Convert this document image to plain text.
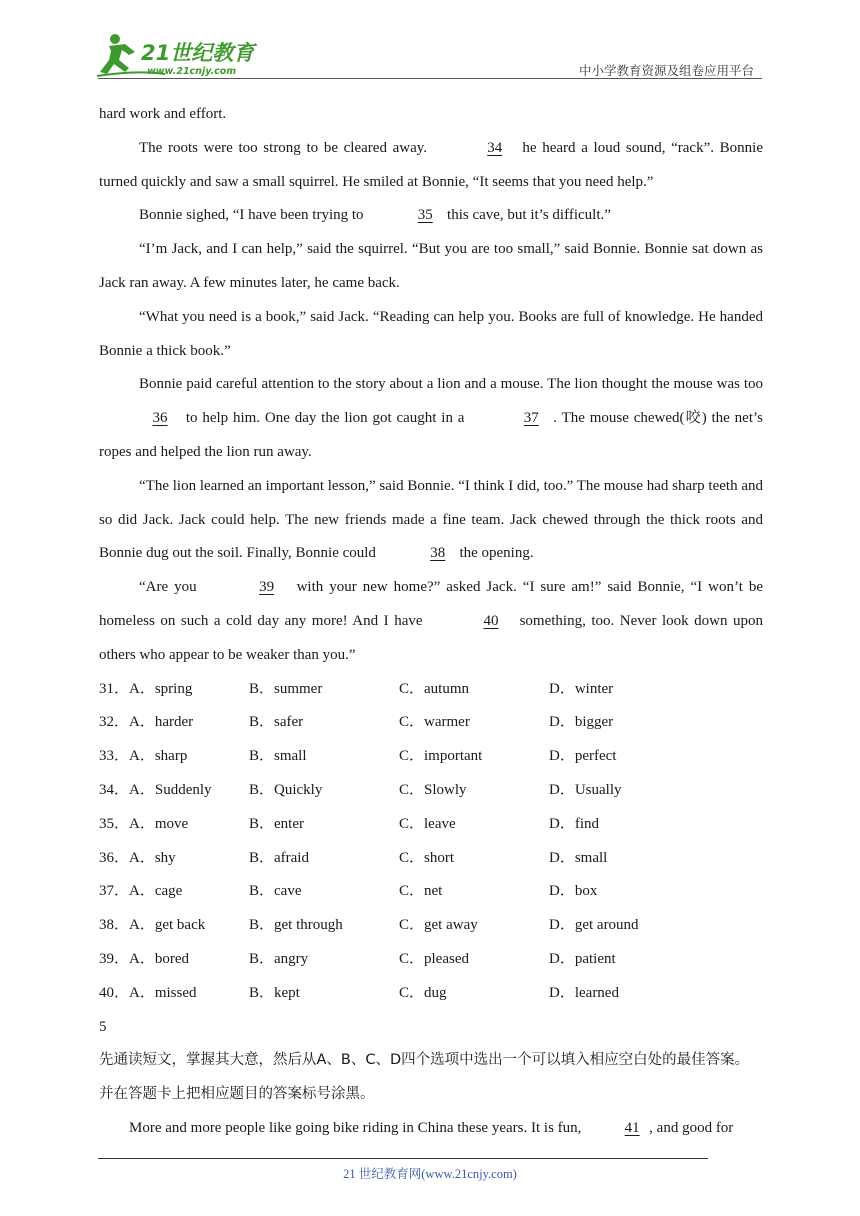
21世纪教育
www.21cnjy.com	中小学教育资源及组卷应用平台

hard work and effort.

The roots were too strong to be cleared away.	34 he heard a loud sound, “rack”. Bonnie turned quickly and saw a small squirrel. He smiled at Bonnie, “It seems that you need help.”

Bonnie sighed, “I have been trying to	35 this cave, but it’s difficult.”

“I’m Jack, and I can help,” said the squirrel. “But you are too small,” said Bonnie. Bonnie sat down as Jack ran away. A few minutes later, he came back.

“What you need is a book,” said Jack. “Reading can help you. Books are full of knowledge. He handed Bonnie a thick book.”

Bonnie paid careful attention to the story about a lion and a mouse. The lion thought the mouse was too 36 to help him. One day the lion got caught in a	37 . The mouse chewed(咬) the net’s ropes and helped the lion run away.

“The lion learned an important lesson,” said Bonnie. “I think I did, too.” The mouse had sharp teeth and so did Jack. Jack could help. The new friends made a fine team. Jack chewed through the thick roots and Bonnie dug out the soil. Finally, Bonnie could	38 the opening.

“Are you	39 with your new home?” asked Jack. “I sure am!” said Bonnie, “I won’t be homeless on such a cold day any more! And I have	40 something, too. Never look down upon others who appear to be weaker than you.”

31．A．spring	B．summer	C．autumn	D．winter
32．A．harder	B．safer	C．warmer	D．bigger
33．A．sharp	B．small	C．important	D．perfect
34．A．Suddenly	B．Quickly	C．Slowly	D．Usually
35．A．move	B．enter	C．leave	D．find
36．A．shy	B．afraid	C．short	D．small
37．A．cage	B．cave	C．net	D．box
38．A．get back	B．get through	C．get away	D．get around
39．A．bored	B．angry	C．pleased	D．patient
40．A．missed	B．kept	C．dug	D．learned

5

先通读短文，掌握其大意，然后从A、B、C、D四个选项中选出一个可以填入相应空白处的最佳答案。并在答题卡上把相应题目的答案标号涂黑。

More and more people like going bike riding in China these years. It is fun,	41 , and good for

21 世纪教育网(www.21cnjy.com)
